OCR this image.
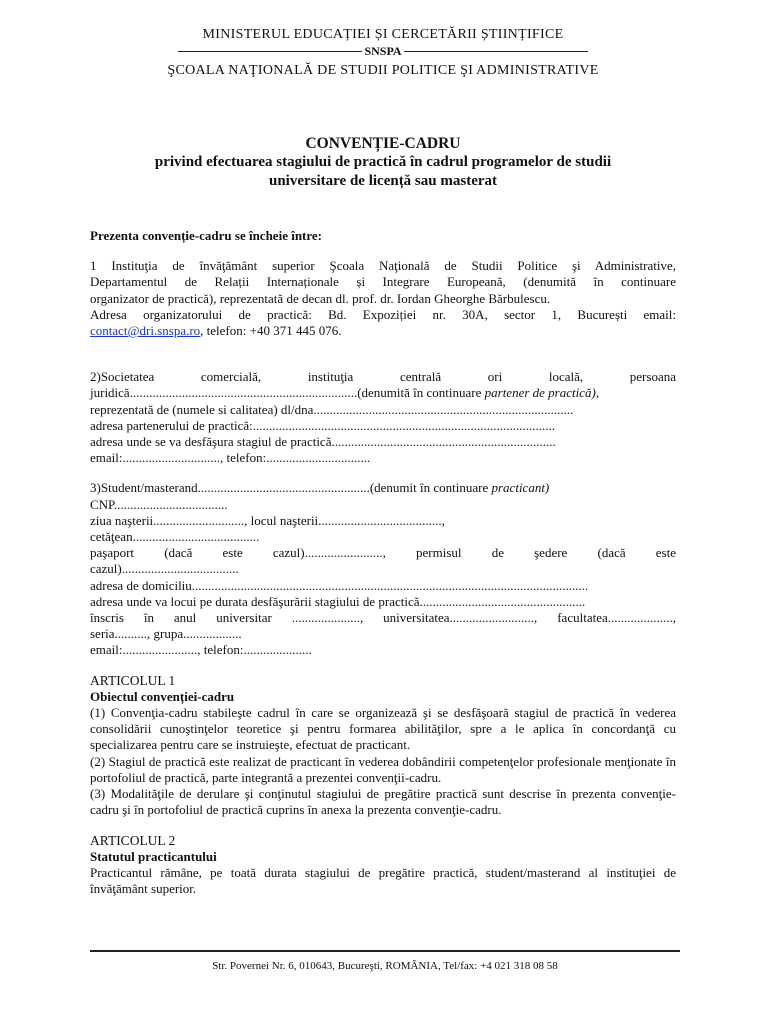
MINISTERUL EDUCAȚIEI ȘI CERCETĂRII ȘTIINȚIFICE
SNSPA
ŞCOALA NAŢIONALĂ DE STUDII POLITICE ŞI ADMINISTRATIVE
CONVENȚIE-CADRU
privind efectuarea stagiului de practică în cadrul programelor de studii
universitare de licență sau masterat

Prezenta convenție-cadru se încheie între:

1 Instituţia de învăţământ superior Şcoala Naţională de Studii Politice şi Administrative,

Departamentul de Relații Internaționale și Integrare Europeană, (denumită în continuare

organizator de practică), reprezentată de decan dl. prof. dr. Iordan Gheorghe Bărbulescu.

Adresa organizatorului de practică: Bd. Expoziției nr. 30A, sector 1, București email:

contact@dri.snspa.ro, telefon: +40 371 445 076.

2)Societatea comercială, instituţia centrală ori locală, persoana

juridică......................................................................(denumită în continuare partener de practică),

reprezentată de (numele si calitatea) dl/dna................................................................................

adresa partenerului de practică:.............................................................................................

adresa unde se va desfăşura stagiul de practică.....................................................................

email:.............................., telefon:................................

3)Student/masterand.....................................................(denumit în continuare practicant)

CNP...................................

ziua naşterii............................, locul naşterii......................................,

cetăţean.......................................

paşaport (dacă este cazul)........................, permisul de şedere (dacă este

cazul)....................................

adresa de domiciliu..........................................................................................................................

adresa unde va locui pe durata desfăşurării stagiului de practică...................................................

înscris în anul universitar ....................., universitatea.........................., facultatea....................,

seria.........., grupa..................

email:......................., telefon:.....................

ARTICOLUL 1

Obiectul convenției-cadru

(1) Convenţia-cadru stabileşte cadrul în care se organizează şi se desfăşoară stagiul de practică în vederea consolidării cunoştinţelor teoretice şi pentru formarea abilităţilor, spre a le aplica în concordanţă cu specializarea pentru care se instruieşte, efectuat de practicant.

(2) Stagiul de practică este realizat de practicant în vederea dobândirii competenţelor profesionale menţionate în portofoliul de practică, parte integrantă a prezentei convenţii-cadru.

(3) Modalităţile de derulare şi conţinutul stagiului de pregătire practică sunt descrise în prezenta convenţie-cadru şi în portofoliul de practică cuprins în anexa la prezenta convenţie-cadru.

ARTICOLUL 2

Statutul practicantului

Practicantul rămâne, pe toată durata stagiului de pregătire practică, student/masterand al instituţiei de învăţământ superior.

Str. Povernei Nr. 6, 010643, Bucureşti, ROMÂNIA, Tel/fax: +4 021 318 08 58
